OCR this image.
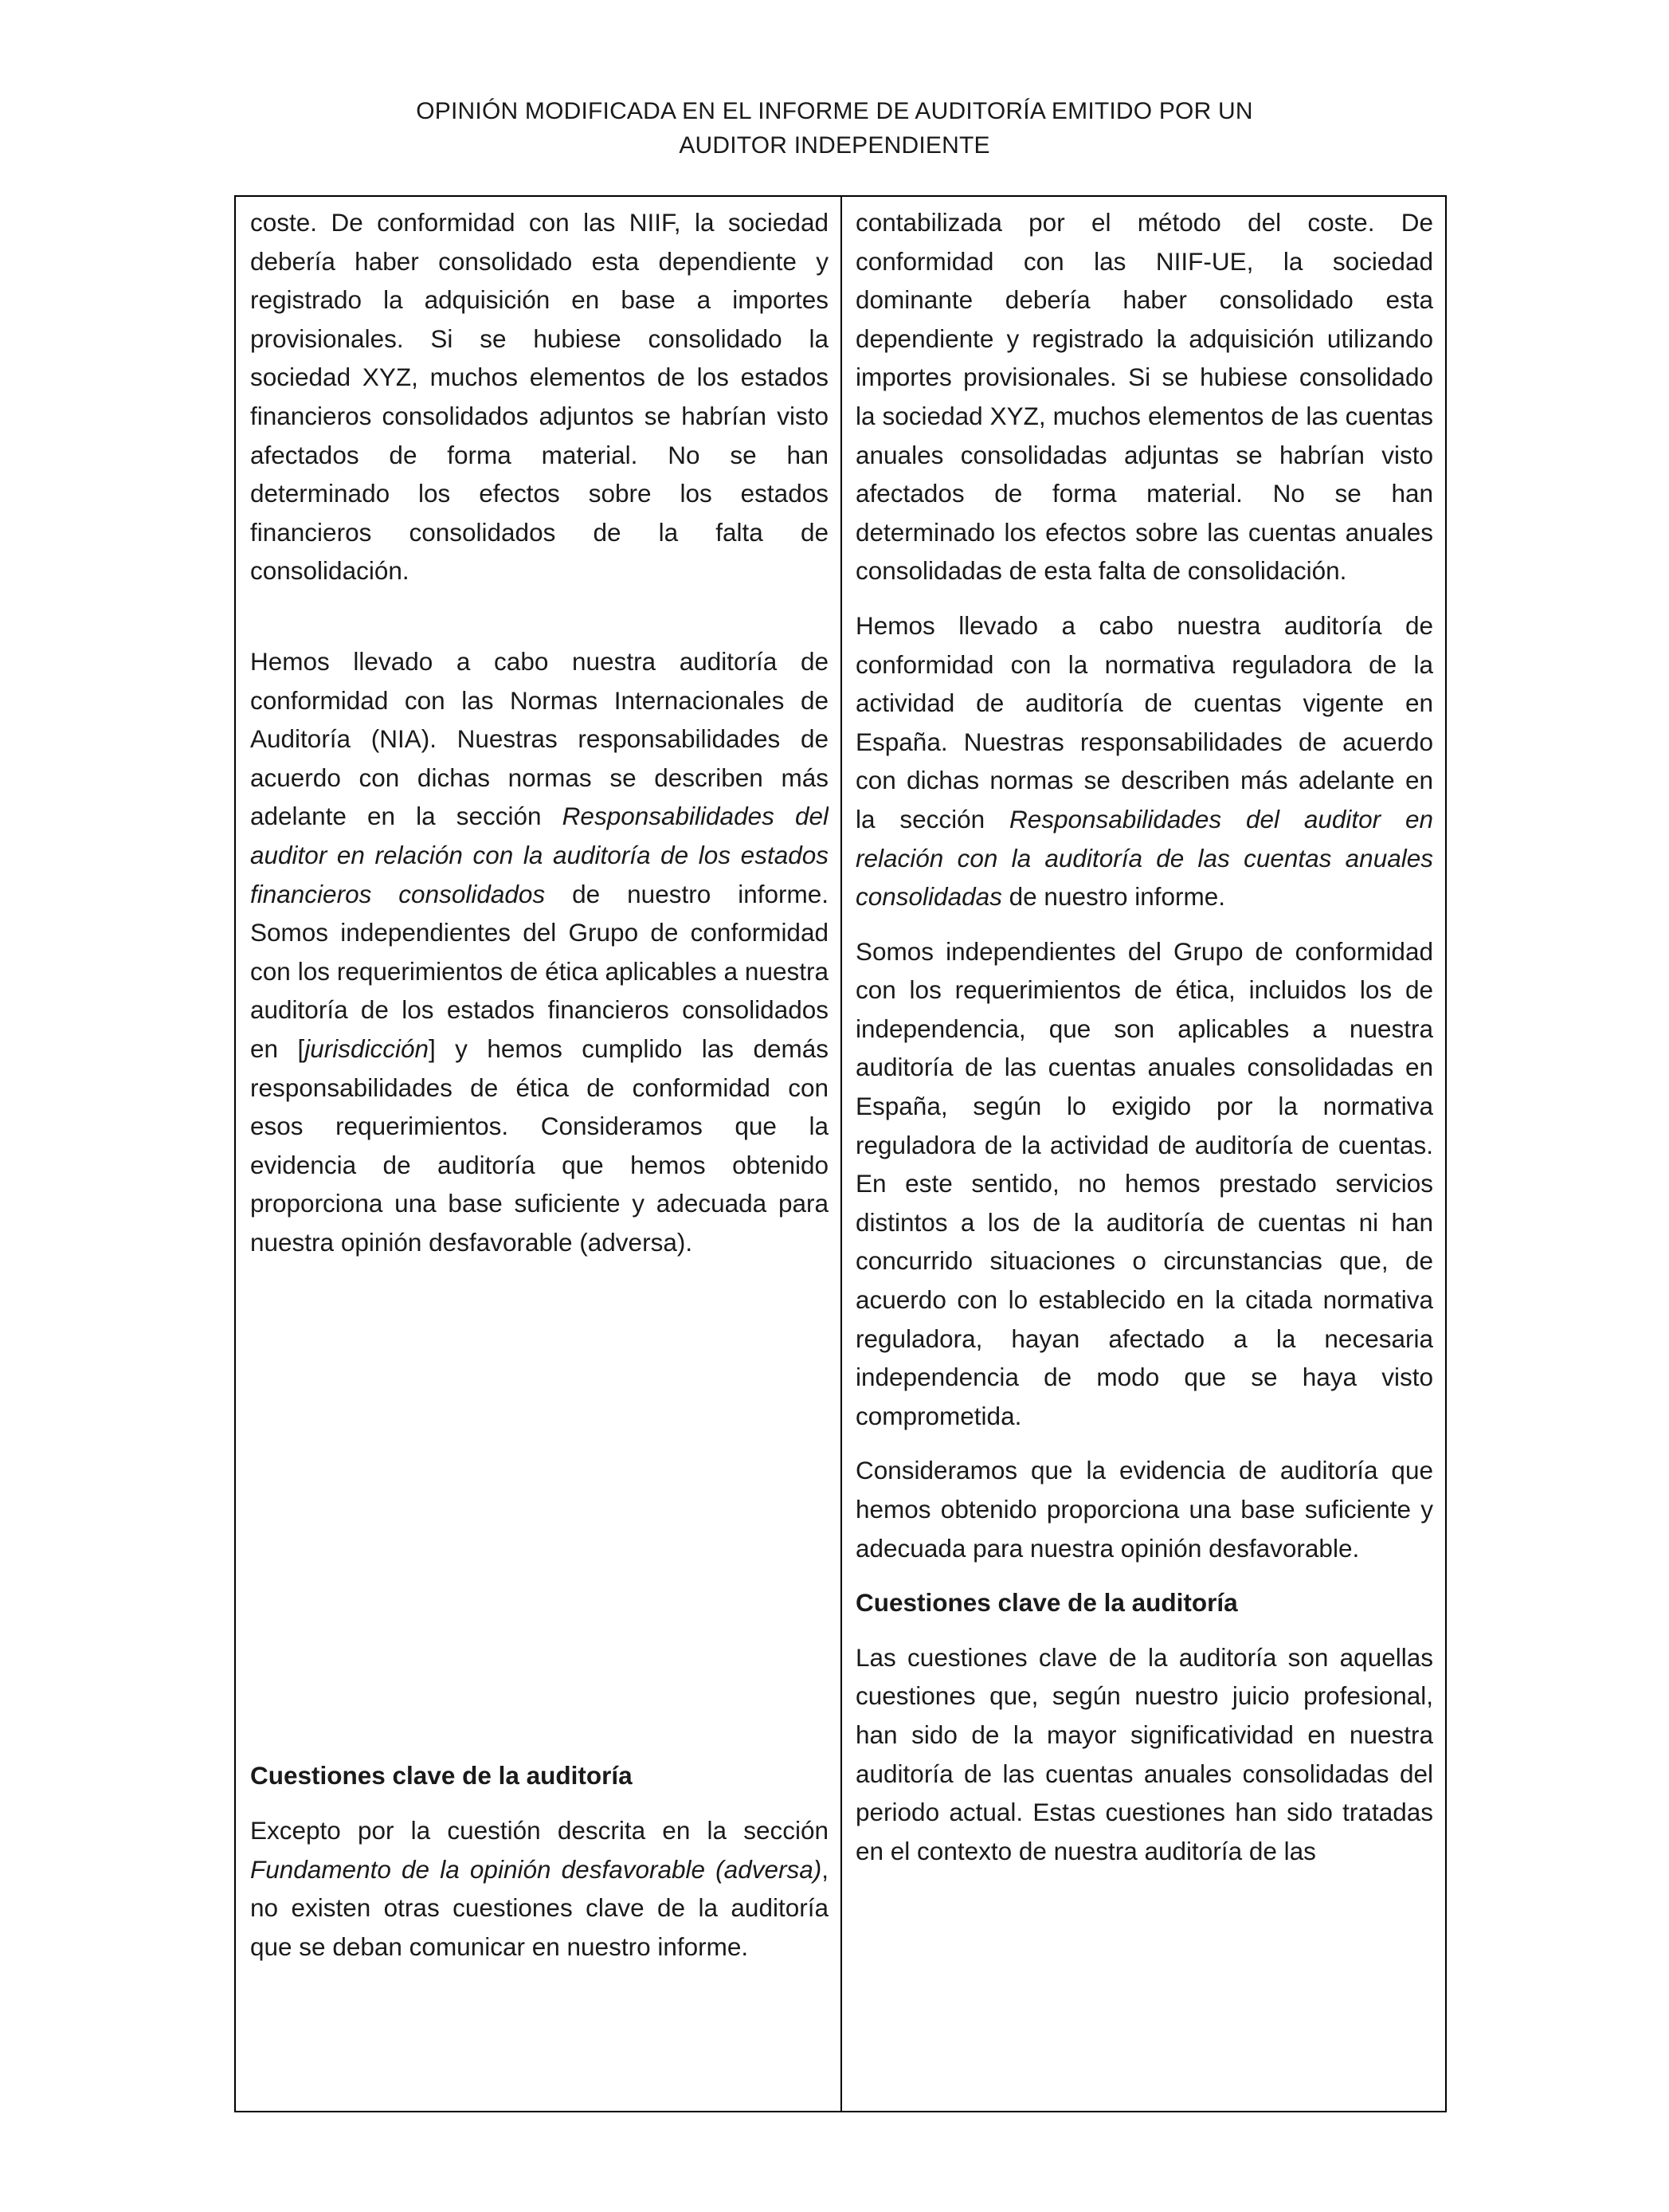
OPINIÓN MODIFICADA EN EL INFORME DE AUDITORÍA EMITIDO POR UN
AUDITOR INDEPENDIENTE

coste. De conformidad con las NIIF, la sociedad debería haber consolidado esta dependiente y registrado la adquisición en base a importes provisionales. Si se hubiese consolidado la sociedad XYZ, muchos elementos de los estados financieros consolidados adjuntos se habrían visto afectados de forma material. No se han determinado los efectos sobre los estados financieros consolidados de la falta de consolidación.

Hemos llevado a cabo nuestra auditoría de conformidad con las Normas Internacionales de Auditoría (NIA). Nuestras responsabilidades de acuerdo con dichas normas se describen más adelante en la sección Responsabilidades del auditor en relación con la auditoría de los estados financieros consolidados de nuestro informe. Somos independientes del Grupo de conformidad con los requerimientos de ética aplicables a nuestra auditoría de los estados financieros consolidados en [jurisdicción] y hemos cumplido las demás responsabilidades de ética de conformidad con esos requerimientos. Consideramos que la evidencia de auditoría que hemos obtenido proporciona una base suficiente y adecuada para nuestra opinión desfavorable (adversa).

Cuestiones clave de la auditoría

Excepto por la cuestión descrita en la sección Fundamento de la opinión desfavorable (adversa), no existen otras cuestiones clave de la auditoría que se deban comunicar en nuestro informe.

contabilizada por el método del coste. De conformidad con las NIIF-UE, la sociedad dominante debería haber consolidado esta dependiente y registrado la adquisición utilizando importes provisionales. Si se hubiese consolidado la sociedad XYZ, muchos elementos de las cuentas anuales consolidadas adjuntas se habrían visto afectados de forma material. No se han determinado los efectos sobre las cuentas anuales consolidadas de esta falta de consolidación.

Hemos llevado a cabo nuestra auditoría de conformidad con la normativa reguladora de la actividad de auditoría de cuentas vigente en España. Nuestras responsabilidades de acuerdo con dichas normas se describen más adelante en la sección Responsabilidades del auditor en relación con la auditoría de las cuentas anuales consolidadas de nuestro informe.

Somos independientes del Grupo de conformidad con los requerimientos de ética, incluidos los de independencia, que son aplicables a nuestra auditoría de las cuentas anuales consolidadas en España, según lo exigido por la normativa reguladora de la actividad de auditoría de cuentas. En este sentido, no hemos prestado servicios distintos a los de la auditoría de cuentas ni han concurrido situaciones o circunstancias que, de acuerdo con lo establecido en la citada normativa reguladora, hayan afectado a la necesaria independencia de modo que se haya visto comprometida.

Consideramos que la evidencia de auditoría que hemos obtenido proporciona una base suficiente y adecuada para nuestra opinión desfavorable.

Cuestiones clave de la auditoría

Las cuestiones clave de la auditoría son aquellas cuestiones que, según nuestro juicio profesional, han sido de la mayor significatividad en nuestra auditoría de las cuentas anuales consolidadas del periodo actual. Estas cuestiones han sido tratadas en el contexto de nuestra auditoría de las
